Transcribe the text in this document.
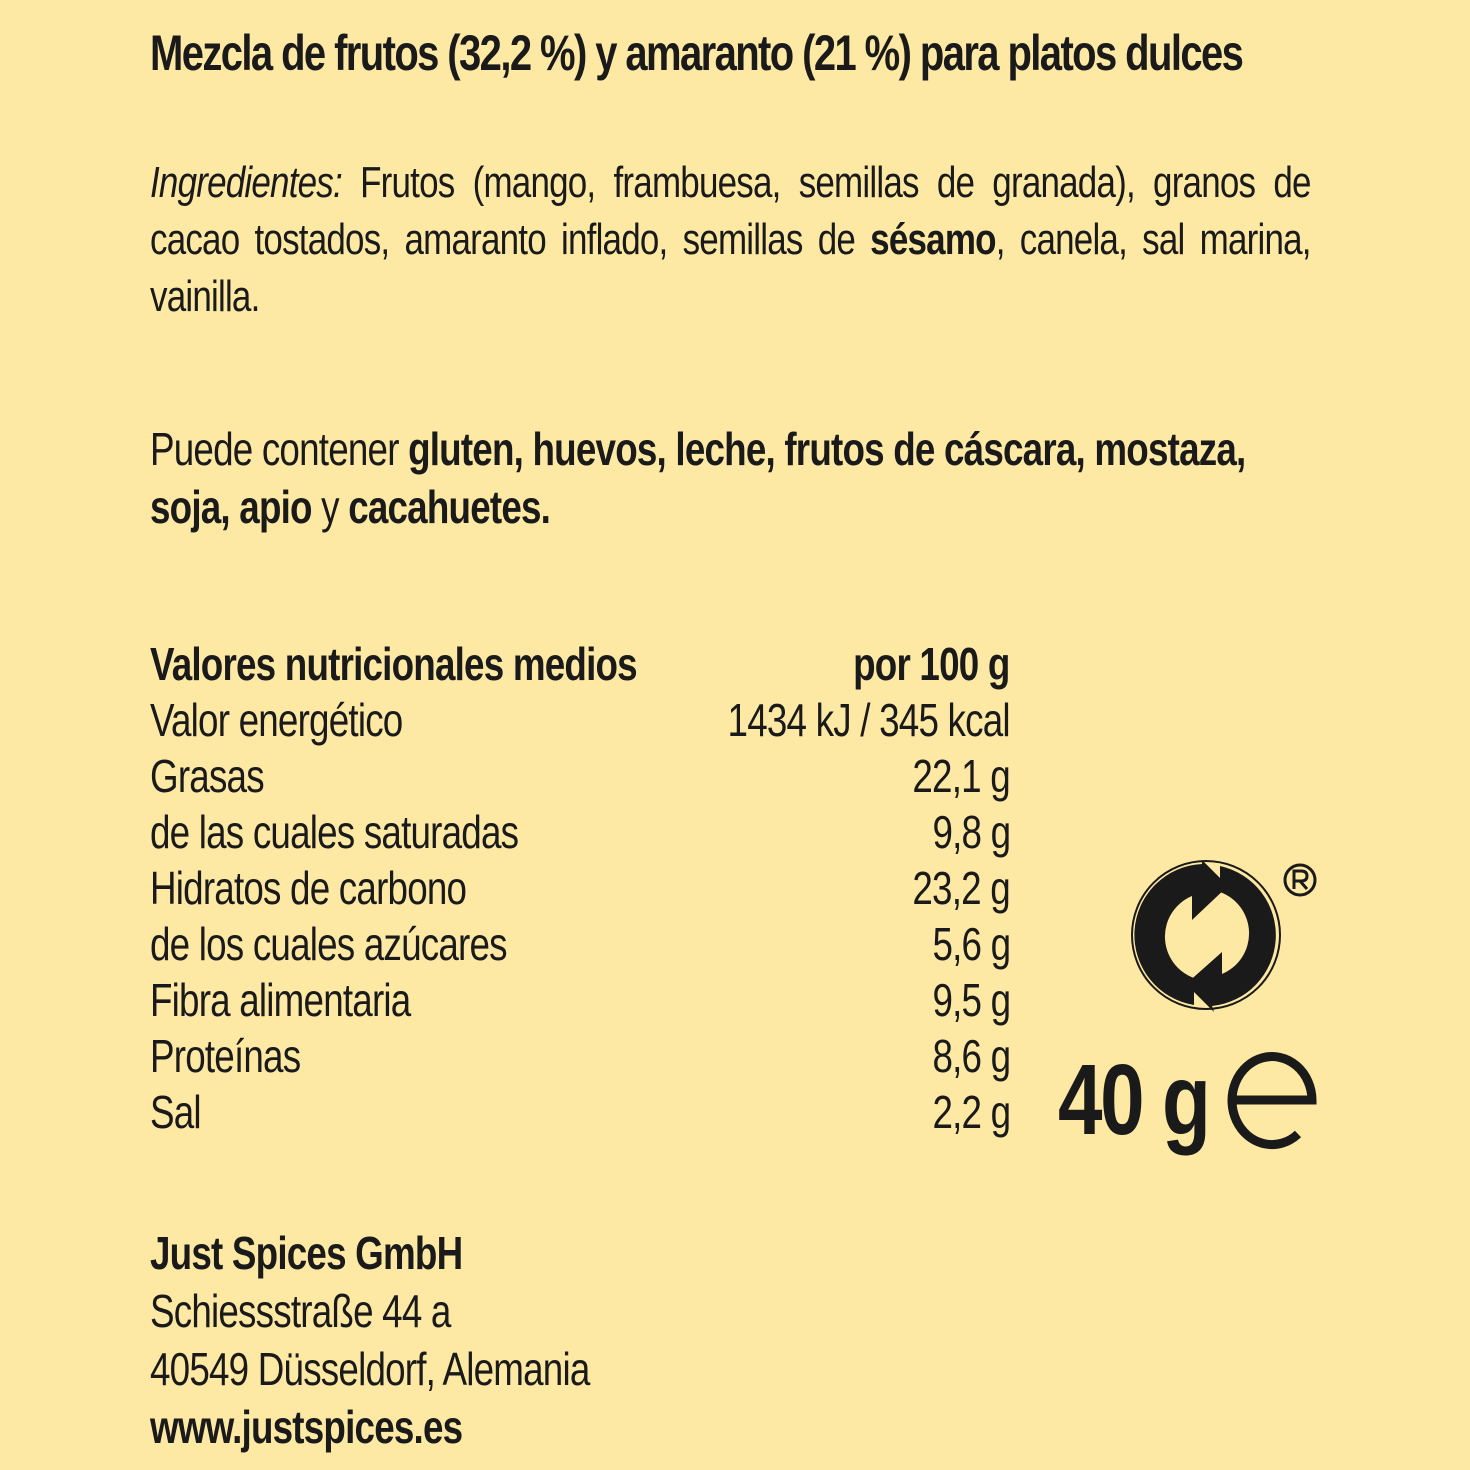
Mezcla de frutos (32,2 %) y amaranto (21 %) para platos dulces
Ingredientes: Frutos (mango, frambuesa, semillas de granada), granos de cacao tostados, amaranto inflado, semillas de sésamo, canela, sal marina, vainilla.
Puede contener gluten, huevos, leche, frutos de cáscara, mostaza, soja, apio y cacahuetes.
Valores nutricionales medios	por 100 g
Valor energético	1434 kJ / 345 kcal
Grasas	22,1 g
de las cuales saturadas	9,8 g
Hidratos de carbono	23,2 g
de los cuales azúcares	5,6 g
Fibra alimentaria	9,5 g
Proteínas	8,6 g
Sal	2,2 g 40 g
Just Spices GmbH
Schiessstraße 44 a
40549 Düsseldorf, Alemania
www.justspices.es
